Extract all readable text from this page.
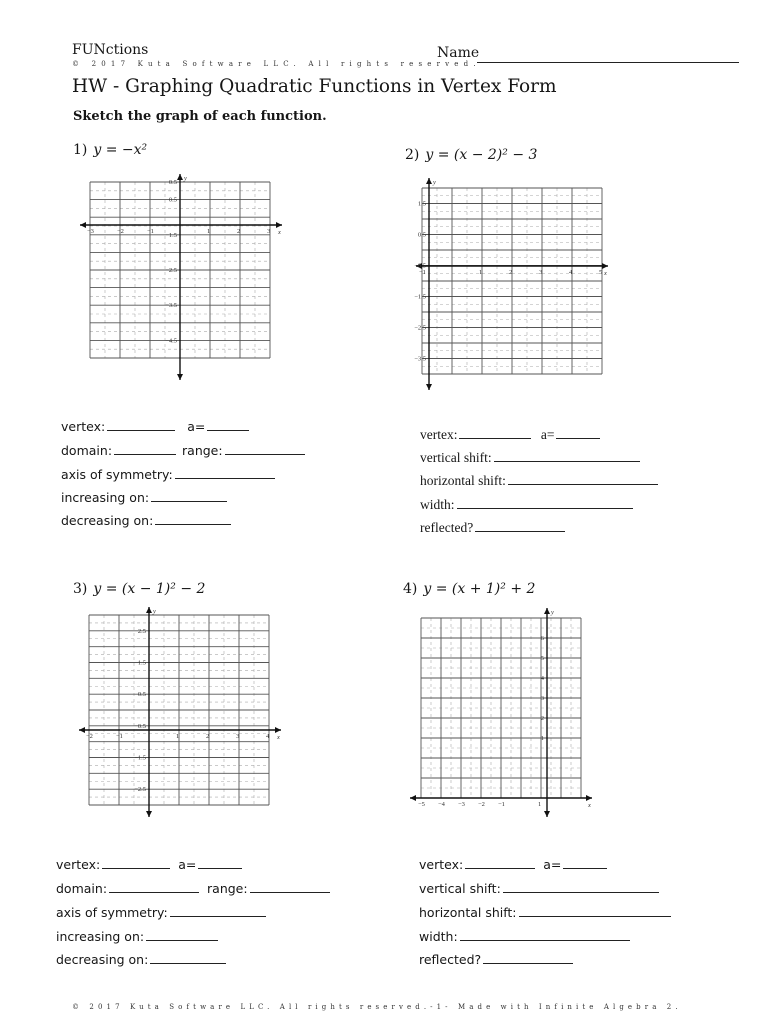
FUNctions	Name
© 2017 Kuta Software LLC. All rights reserved.
HW - Graphing Quadratic Functions in Vertex Form
Sketch the graph of each function.
1) y = −x²
x
y
−3	−2	−1	1	2	3
0.5
0.5
−1.5
−2.5
−3.5
−4.5
2) y = (x − 2)² − 3
x
y
−1	1	2	3	4	5
1.5
0.5
−0.5
−1.5
−2.5
−3.5
3) y = (x − 1)² − 2
x
y
−2	−1	1	2	3	4
2.5
1.5
0.5
−0.5
−1.5
−2.5
4) y = (x + 1)² + 2
x
y
−5 −4 −3 −2 −1	1
6
5
4
3
2
1
vertex:	a=
domain:	range:
axis of symmetry:
increasing on:
decreasing on:
vertex:	a=
vertical shift:
horizontal shift:
width:
reflected?
vertex:	a=
domain:	range:
axis of symmetry:
increasing on:
decreasing on:
vertex:	a=
vertical shift:
horizontal shift:
width:
reflected?
© 2017 Kuta Software LLC. All rights reserved.-1- Made with Infinite Algebra 2.
